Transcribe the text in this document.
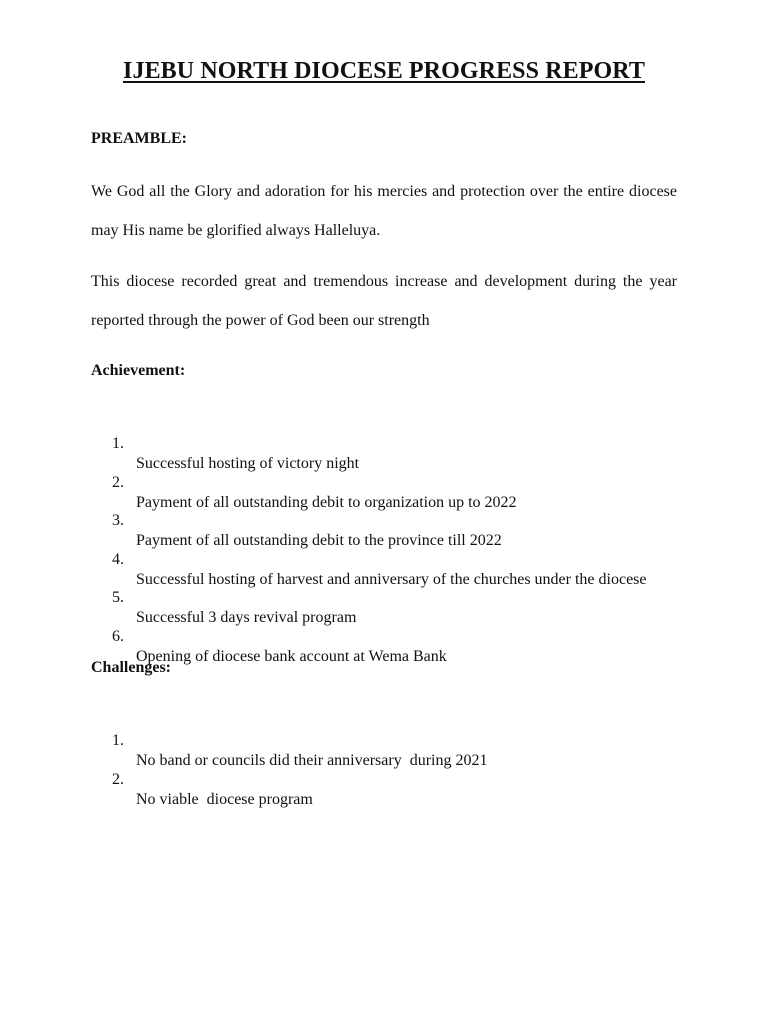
IJEBU NORTH DIOCESE PROGRESS REPORT
PREAMBLE:
We God all the Glory and adoration for his mercies and protection over the entire diocese
may His name be glorified always Halleluya.
This diocese recorded great and tremendous increase and development during the year
reported through the power of God been our strength
Achievement:

1.

Successful hosting of victory night

2.

Payment of all outstanding debit to organization up to 2022

3.

Payment of all outstanding debit to the province till 2022

4.

Successful hosting of harvest and anniversary of the churches under the diocese

5.

Successful 3 days revival program

6.

Opening of diocese bank account at Wema Bank

Challenges:

1.

No band or councils did their anniversary  during 2021

2.

No viable  diocese program
